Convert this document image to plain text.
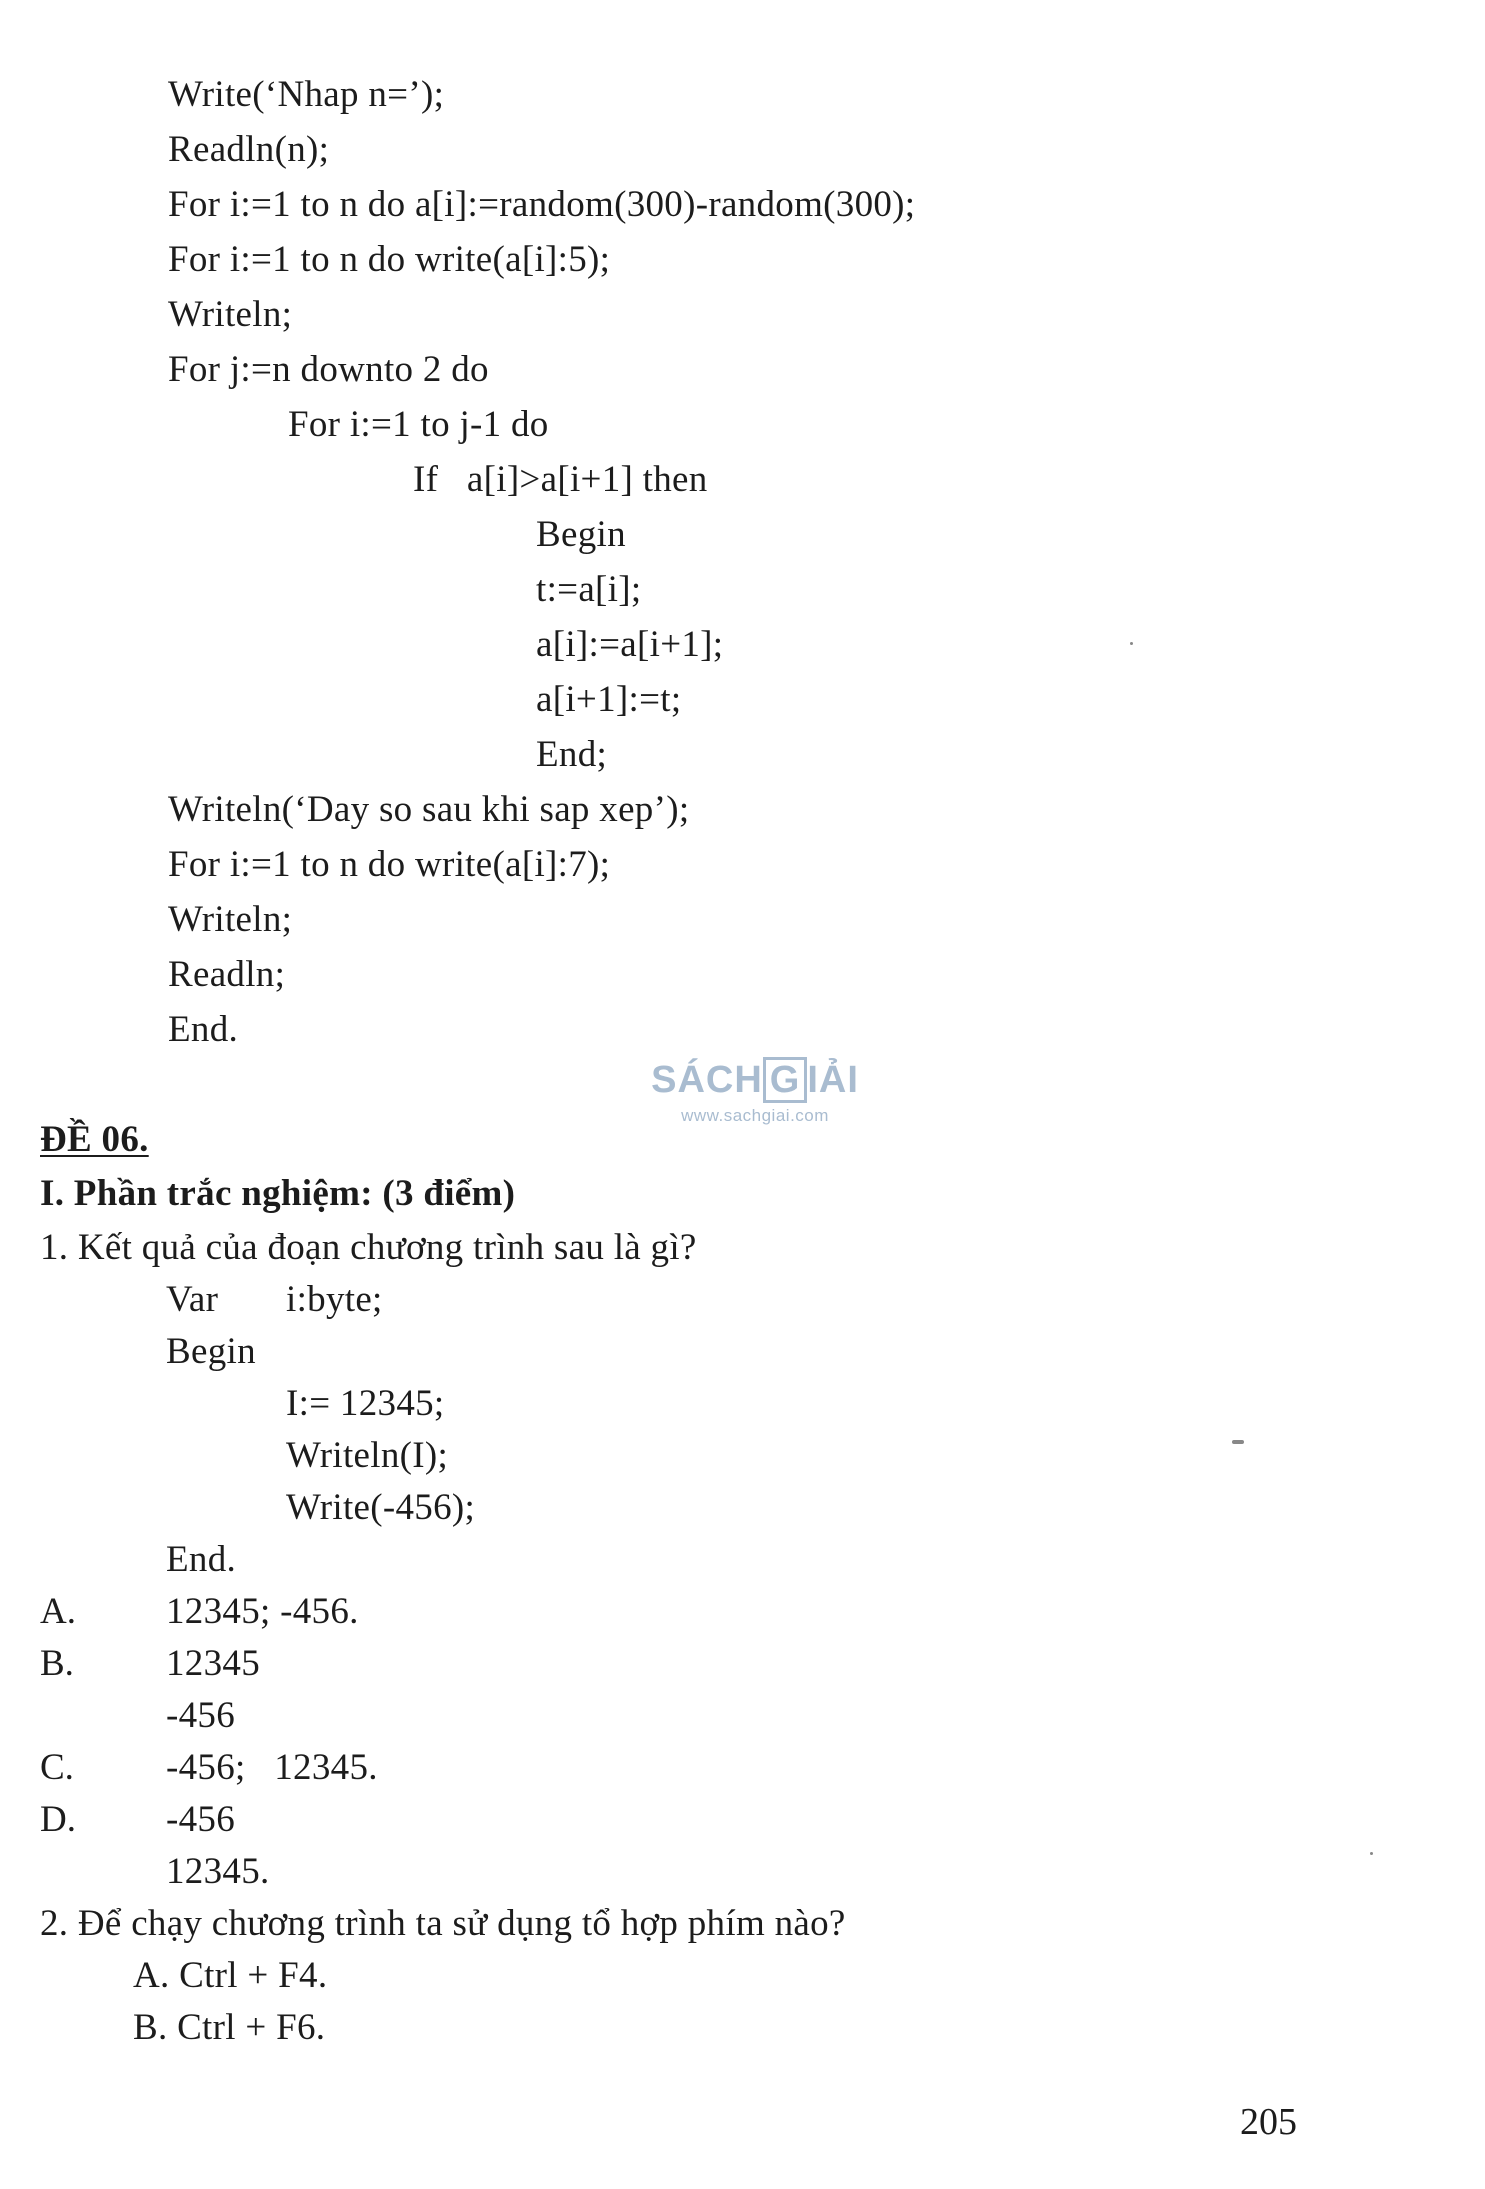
Write(‘Nhap n=’);
Readln(n);
For i:=1 to n do a[i]:=random(300)-random(300);
For i:=1 to n do write(a[i]:5);
Writeln;
For j:=n downto 2 do
For i:=1 to j-1 do
If   a[i]>a[i+1] then
Begin
t:=a[i];
a[i]:=a[i+1];
a[i+1]:=t;
End;
Writeln(‘Day so sau khi sap xep’);
For i:=1 to n do write(a[i]:7);
Writeln;
Readln;
End.
SÁCH G IẢI
www.sachgiai.com
ĐỀ 06.
I. Phần trắc nghiệm: (3 điểm)
1. Kết quả của đoạn chương trình sau là gì?
Var i:byte;
Begin
I:= 12345;
Writeln(I);
Write(-456);
End.
A. 12345; -456.
B. 12345
-456
C. -456;   12345.
D. -456
12345.
2. Để chạy chương trình ta sử dụng tổ hợp phím nào?
A. Ctrl + F4.
B. Ctrl + F6.
205
